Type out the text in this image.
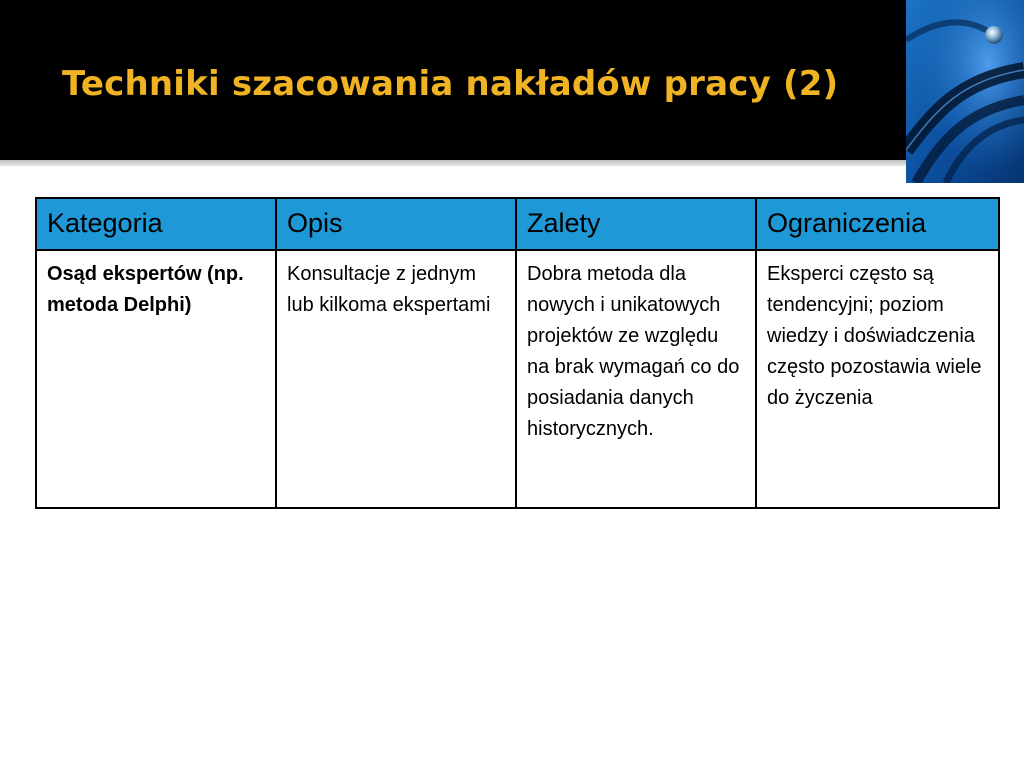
Techniki szacowania nakładów pracy (2)
Kategoria	Opis	Zalety	Ograniczenia
Osąd ekspertów (np. metoda Delphi)	Konsultacje z jednym lub kilkoma ekspertami	Dobra metoda dla nowych i unikatowych projektów ze względu na brak wymagań co do posiadania danych historycznych.	Eksperci często są tendencyjni; poziom wiedzy i doświadczenia często pozostawia wiele do życzenia
